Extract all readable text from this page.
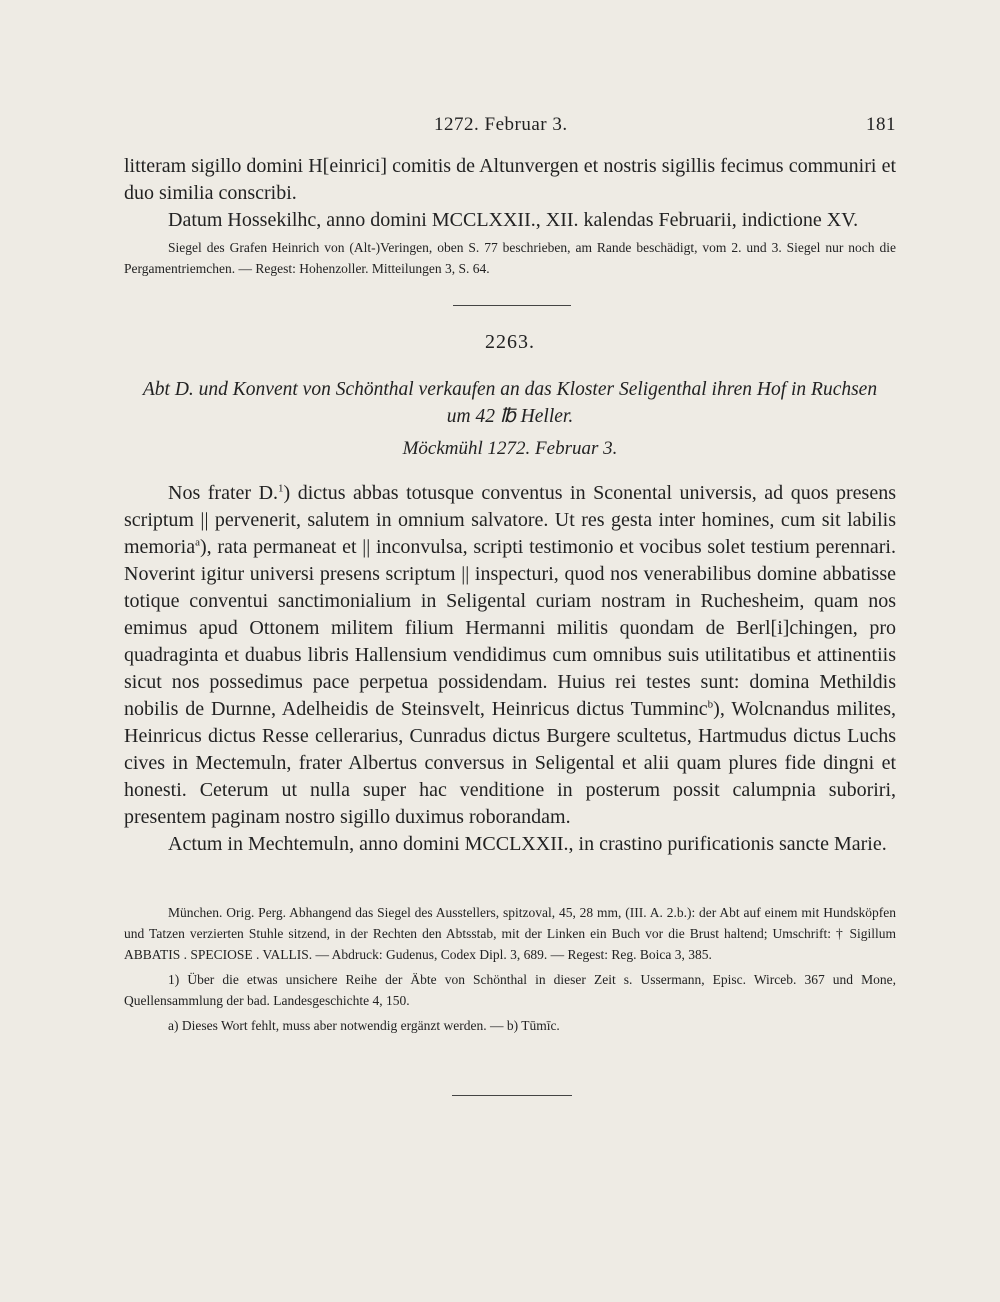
1272. Februar 3.	181

litteram sigillo domini H[einrici] comitis de Altunvergen et nostris sigillis fecimus communiri et duo similia conscribi.

Datum Hossekilhc, anno domini MCCLXXII., XII. kalendas Februarii, indictione XV.

Siegel des Grafen Heinrich von (Alt-)Veringen, oben S. 77 beschrieben, am Rande beschädigt, vom 2. und 3. Siegel nur noch die Pergamentriemchen. — Regest: Hohenzoller. Mitteilungen 3, S. 64.

2263.
Abt D. und Konvent von Schönthal verkaufen an das Kloster Seligenthal ihren Hof in Ruchsen
um 42 ℔ Heller.
Möckmühl 1272. Februar 3.

Nos frater D.$^1$) dictus abbas totusque conventus in Sconental universis, ad quos presens scriptum || pervenerit, salutem in omnium salvatore. Ut res gesta inter homines, cum sit labilis memoria$^a$), rata permaneat et || inconvulsa, scripti testimonio et vocibus solet testium perennari. Noverint igitur universi presens scriptum || inspecturi, quod nos venerabilibus domine abbatisse totique conventui sanctimonialium in Seligental curiam nostram in Ruchesheim, quam nos emimus apud Ottonem militem filium Hermanni militis quondam de Berl[i]chingen, pro quadraginta et duabus libris Hallensium vendidimus cum omnibus suis utilitatibus et attinentiis sicut nos possedimus pace perpetua possidendam. Huius rei testes sunt: domina Methildis nobilis de Durnne, Adelheidis de Steinsvelt, Heinricus dictus Tumminc$^b$), Wolcnandus milites, Heinricus dictus Resse cellerarius, Cunradus dictus Burgere scultetus, Hartmudus dictus Luchs cives in Mectemuln, frater Albertus conversus in Seligental et alii quam plures fide dingni et honesti. Ceterum ut nulla super hac venditione in posterum possit calumpnia suboriri, presentem paginam nostro sigillo duximus roborandam.

Actum in Mechtemuln, anno domini MCCLXXII., in crastino purificationis sancte Marie.

München. Orig. Perg. Abhangend das Siegel des Ausstellers, spitzoval, 45, 28 mm, (III. A. 2.b.): der Abt auf einem mit Hundsköpfen und Tatzen verzierten Stuhle sitzend, in der Rechten den Abtsstab, mit der Linken ein Buch vor die Brust haltend; Umschrift: † Sigillum ABBATIS . SPECIOSE . VALLIS. — Abdruck: Gudenus, Codex Dipl. 3, 689. — Regest: Reg. Boica 3, 385.

1) Über die etwas unsichere Reihe der Äbte von Schönthal in dieser Zeit s. Ussermann, Episc. Wirceb. 367 und Mone, Quellensammlung der bad. Landesgeschichte 4, 150.

a) Dieses Wort fehlt, muss aber notwendig ergänzt werden. — b) Tūmīc.
